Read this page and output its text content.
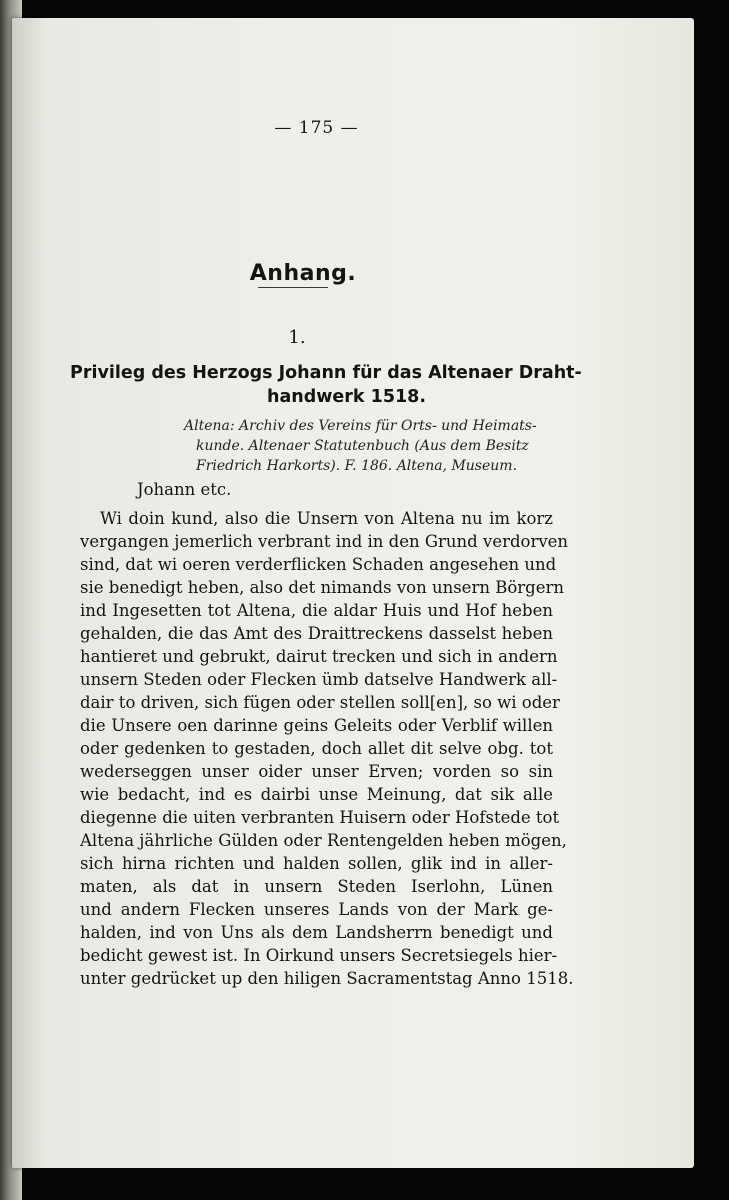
— 175 —
Anhang.
1.
Privileg des Herzogs Johann für das Altenaer Draht-
handwerk 1518.
Altena: Archiv des Vereins für Orts- und Heimats-
kunde. Altenaer Statutenbuch (Aus dem Besitz
Friedrich Harkorts). F. 186. Altena, Museum.
Johann etc.
Wi doin kund, also die Unsern von Altena nu im korz
vergangen jemerlich verbrant ind in den Grund verdorven
sind, dat wi oeren verderflicken Schaden angesehen und
sie benedigt heben, also det nimands von unsern Börgern
ind Ingesetten tot Altena, die aldar Huis und Hof heben
gehalden, die das Amt des Draittreckens dasselst heben
hantieret und gebrukt, dairut trecken und sich in andern
unsern Steden oder Flecken ümb datselve Handwerk all-
dair to driven, sich fügen oder stellen soll[en], so wi oder
die Unsere oen darinne geins Geleits oder Verblif willen
oder gedenken to gestaden, doch allet dit selve obg. tot
wederseggen unser oider unser Erven; vorden so sin
wie bedacht, ind es dairbi unse Meinung, dat sik alle
diegenne die uiten verbranten Huisern oder Hofstede tot
Altena jährliche Gülden oder Rentengelden heben mögen,
sich hirna richten und halden sollen, glik ind in aller-
maten, als dat in unsern Steden Iserlohn, Lünen
und andern Flecken unseres Lands von der Mark ge-
halden, ind von Uns als dem Landsherrn benedigt und
bedicht gewest ist. In Oirkund unsers Secretsiegels hier-
unter gedrücket up den hiligen Sacramentstag Anno 1518.
